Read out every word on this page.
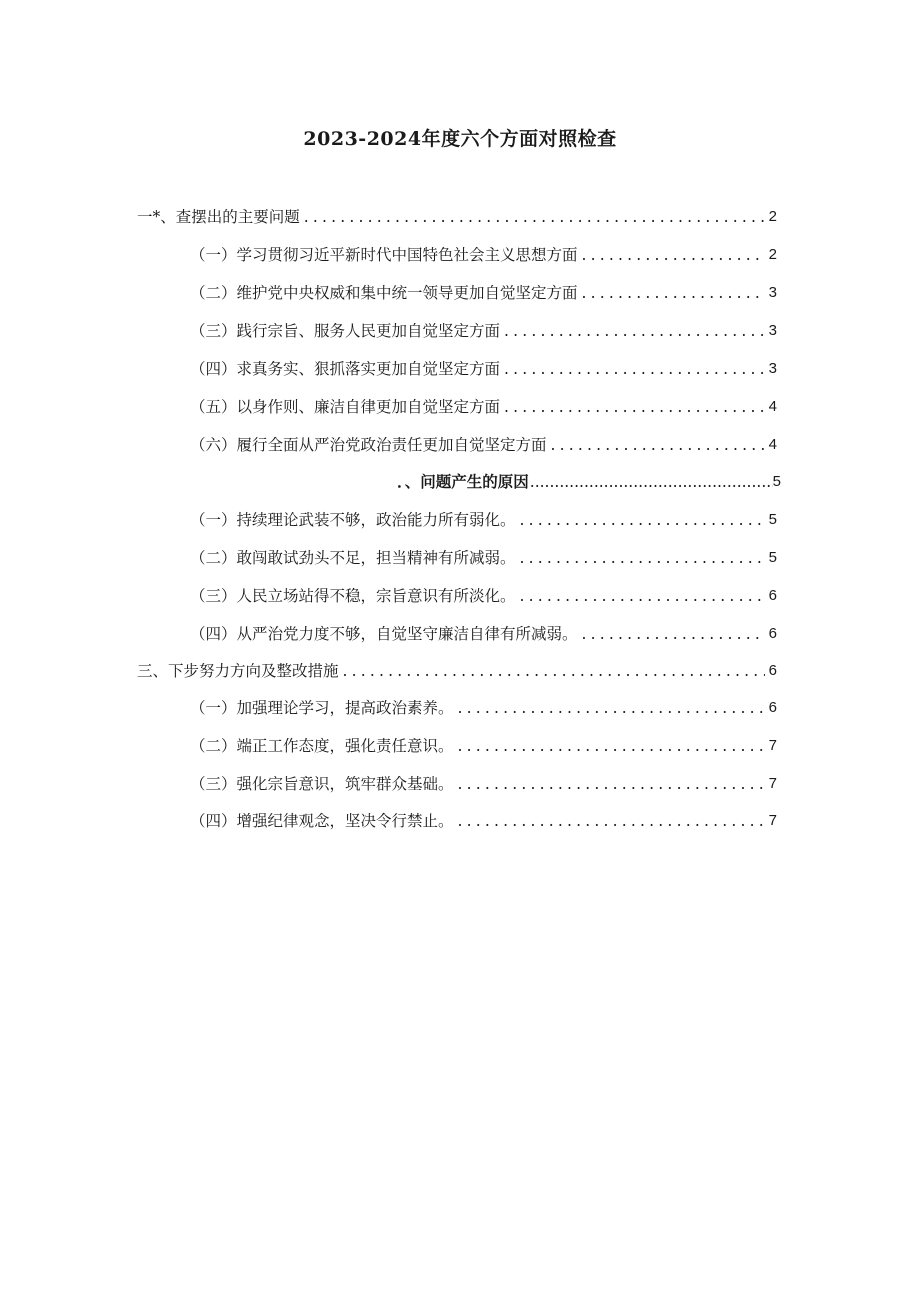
2023-2024年度六个方面对照检查
一*、查摆出的主要问题 .....	2
（一）学习贯彻习近平新时代中国特色社会主义思想方面 .....	2
（二）维护党中央权威和集中统一领导更加自觉坚定方面 .....	3
（三）践行宗旨、服务人民更加自觉坚定方面 .....	3
（四）求真务实、狠抓落实更加自觉坚定方面 .....	3
（五）以身作则、廉洁自律更加自觉坚定方面 .....	4
（六）履行全面从严治党政治责任更加自觉坚定方面 .....	4
．、问题产生的原因 .....	5
（一）持续理论武装不够，政治能力所有弱化。 .....	5
（二）敢闯敢试劲头不足，担当精神有所减弱。 .....	5
（三）人民立场站得不稳，宗旨意识有所淡化。 .....	6
（四）从严治党力度不够，自觉坚守廉洁自律有所减弱。 .....	6
三、下步努力方向及整改措施 .....	6
（一）加强理论学习，提高政治素养。 .....	6
（二）端正工作态度，强化责任意识。 .....	7
（三）强化宗旨意识，筑牢群众基础。 .....	7
（四）增强纪律观念，坚决令行禁止。 .....	7
